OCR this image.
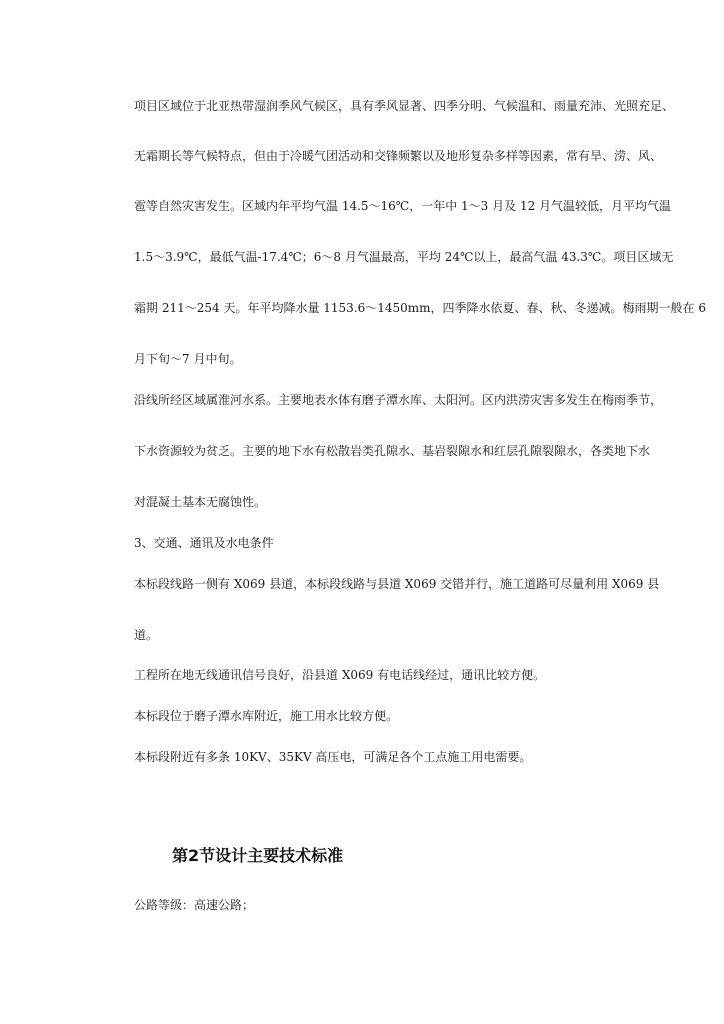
项目区域位于北亚热带湿润季风气候区，具有季风显著、四季分明、气候温和、雨量充沛、光照充足、
无霜期长等气候特点，但由于冷暖气团活动和交锋频繁以及地形复杂多样等因素，常有旱、涝、风、
雹等自然灾害发生。区域内年平均气温 14.5～16℃，一年中 1～3 月及 12 月气温较低，月平均气温
1.5～3.9℃，最低气温-17.4℃；6～8 月气温最高，平均 24℃以上，最高气温 43.3℃。项目区域无
霜期 211～254 天。年平均降水量 1153.6～1450mm，四季降水依夏、春、秋、冬递减。梅雨期一般在 6
月下旬～7 月中旬。
沿线所经区域属淮河水系。主要地表水体有磨子潭水库、太阳河。区内洪涝灾害多发生在梅雨季节，
下水资源较为贫乏。主要的地下水有松散岩类孔隙水、基岩裂隙水和红层孔隙裂隙水，各类地下水
对混凝土基本无腐蚀性。
3、交通、通讯及水电条件
本标段线路一侧有 X069 县道，本标段线路与县道 X069 交错并行，施工道路可尽量利用 X069 县
道。
工程所在地无线通讯信号良好，沿县道 X069 有电话线经过，通讯比较方便。
本标段位于磨子潭水库附近，施工用水比较方便。
本标段附近有多条 10KV、35KV 高压电，可满足各个工点施工用电需要。
第2节设计主要技术标准
公路等级：高速公路；
